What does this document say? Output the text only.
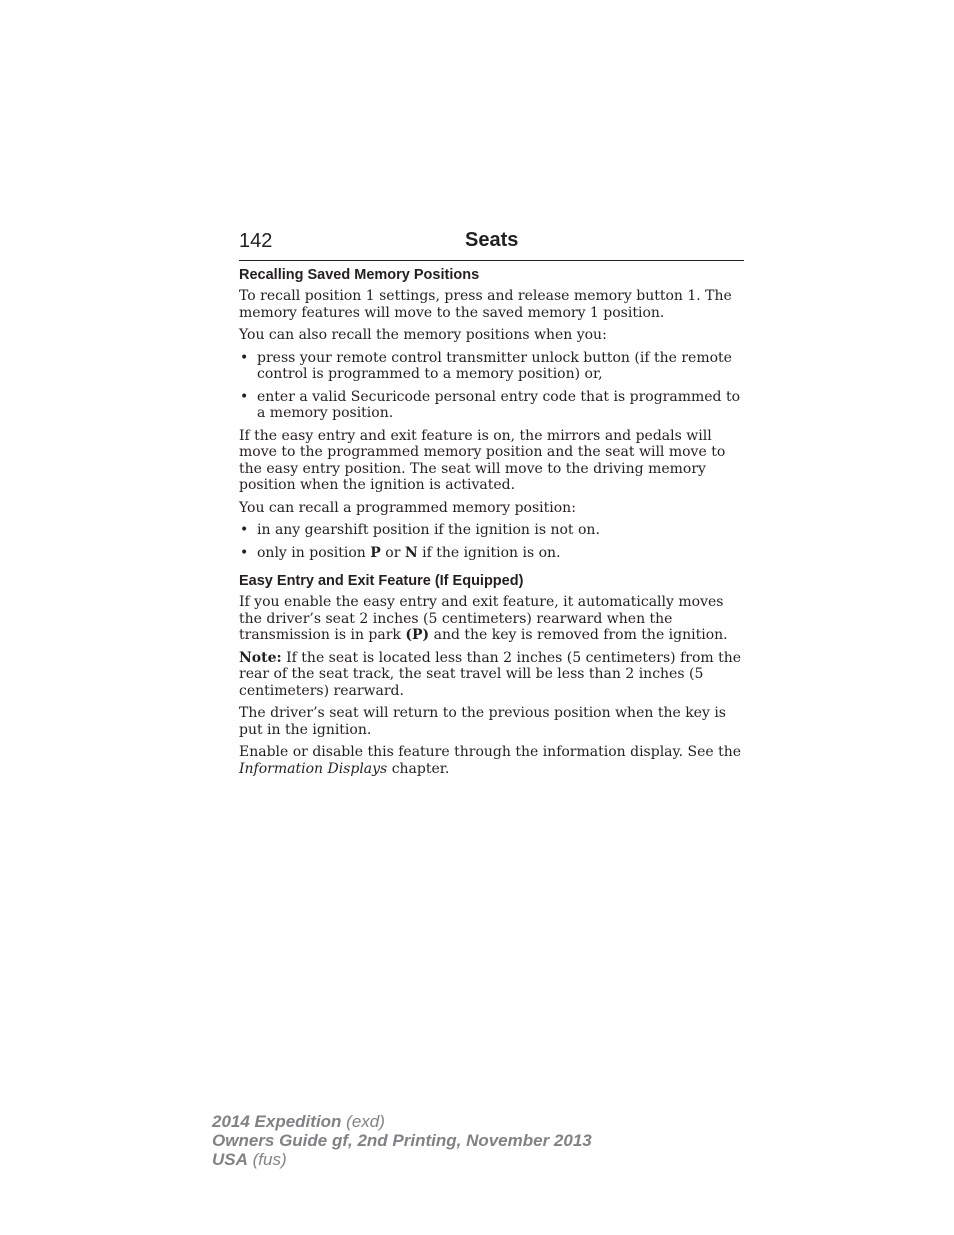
142	Seats
Recalling Saved Memory Positions

To recall position 1 settings, press and release memory button 1. The memory features will move to the saved memory 1 position.

You can also recall the memory positions when you:

• press your remote control transmitter unlock button (if the remote control is programmed to a memory position) or,
• enter a valid Securicode personal entry code that is programmed to a memory position.

If the easy entry and exit feature is on, the mirrors and pedals will move to the programmed memory position and the seat will move to the easy entry position. The seat will move to the driving memory position when the ignition is activated.

You can recall a programmed memory position:

• in any gearshift position if the ignition is not on.
• only in position P or N if the ignition is on.
Easy Entry and Exit Feature (If Equipped)

If you enable the easy entry and exit feature, it automatically moves the driver’s seat 2 inches (5 centimeters) rearward when the transmission is in park (P) and the key is removed from the ignition.

Note: If the seat is located less than 2 inches (5 centimeters) from the rear of the seat track, the seat travel will be less than 2 inches (5 centimeters) rearward.

The driver’s seat will return to the previous position when the key is put in the ignition.

Enable or disable this feature through the information display. See the Information Displays chapter.

2014 Expedition (exd)
Owners Guide gf, 2nd Printing, November 2013
USA (fus)
